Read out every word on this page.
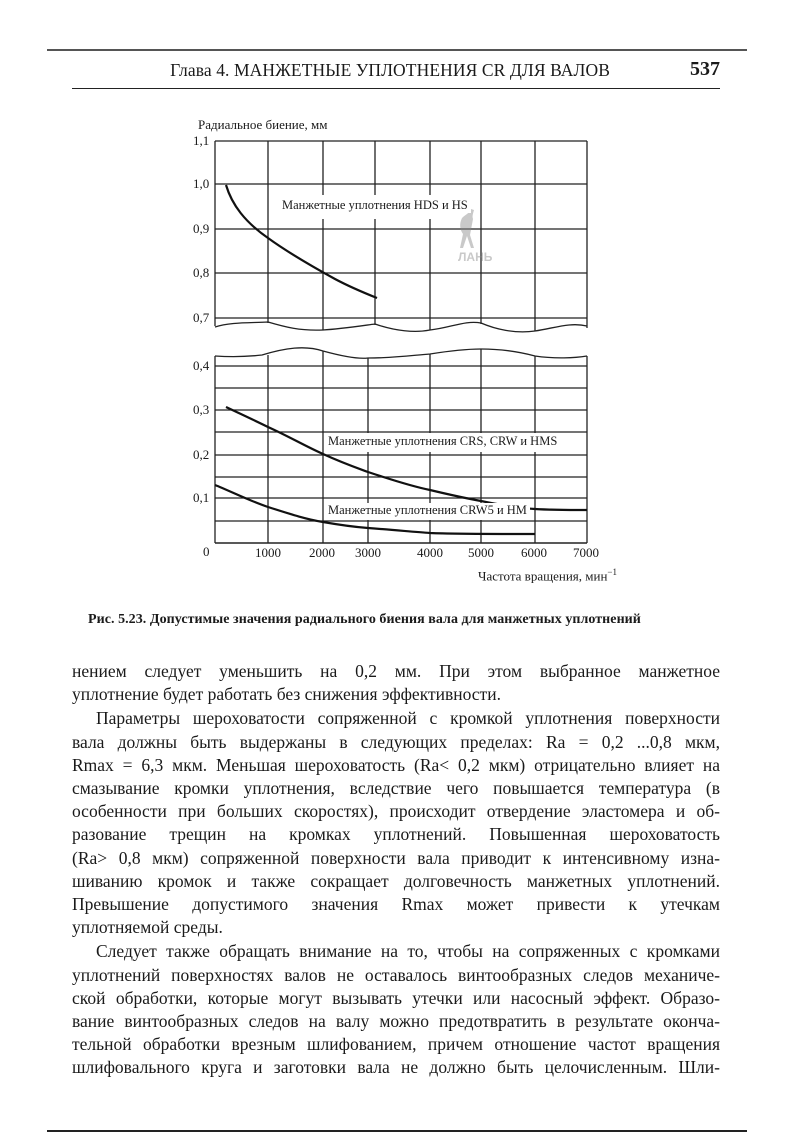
Глава 4. МАНЖЕТНЫЕ УПЛОТНЕНИЯ CR ДЛЯ ВАЛОВ	537
ЛАНЬ
Радиальное биение, мм
1,1
1,0
0,9
0,8
0,7
0,4
0,3
0,2
0,1
0	1000 2000 3000	4000 5000 6000 7000
Частота вращения, мин$^{-1}$
Манжетные уплотнения HDS и HS
Манжетные уплотнения CRS, CRW и HMS
Манжетные уплотнения CRW5 и HM
Рис. 5.23. Допустимые значения радиального биения вала для манжетных уплотнений

нением следует уменьшить на 0,2 мм. При этом выбранное манжетное
уплотнение будет работать без снижения эффективности.

Параметры шероховатости сопряженной с кромкой уплотнения поверхности
вала должны быть выдержаны в следующих пределах: Ra = 0,2 ...0,8 мкм,
Rmax = 6,3 мкм. Меньшая шероховатость (Ra< 0,2 мкм) отрицательно влияет на
смазывание кромки уплотнения, вследствие чего повышается температура (в
особенности при больших скоростях), происходит отвердение эластомера и об-
разование трещин на кромках уплотнений. Повышенная шероховатость
(Ra> 0,8 мкм) сопряженной поверхности вала приводит к интенсивному изна-
шиванию кромок и также сокращает долговечность манжетных уплотнений.
Превышение допустимого значения Rmax может привести к утечкам
уплотняемой среды.

Следует также обращать внимание на то, чтобы на сопряженных с кромками
уплотнений поверхностях валов не оставалось винтообразных следов механиче-
ской обработки, которые могут вызывать утечки или насосный эффект. Образо-
вание винтообразных следов на валу можно предотвратить в результате оконча-
тельной обработки врезным шлифованием, причем отношение частот вращения
шлифовального круга и заготовки вала не должно быть целочисленным. Шли-
